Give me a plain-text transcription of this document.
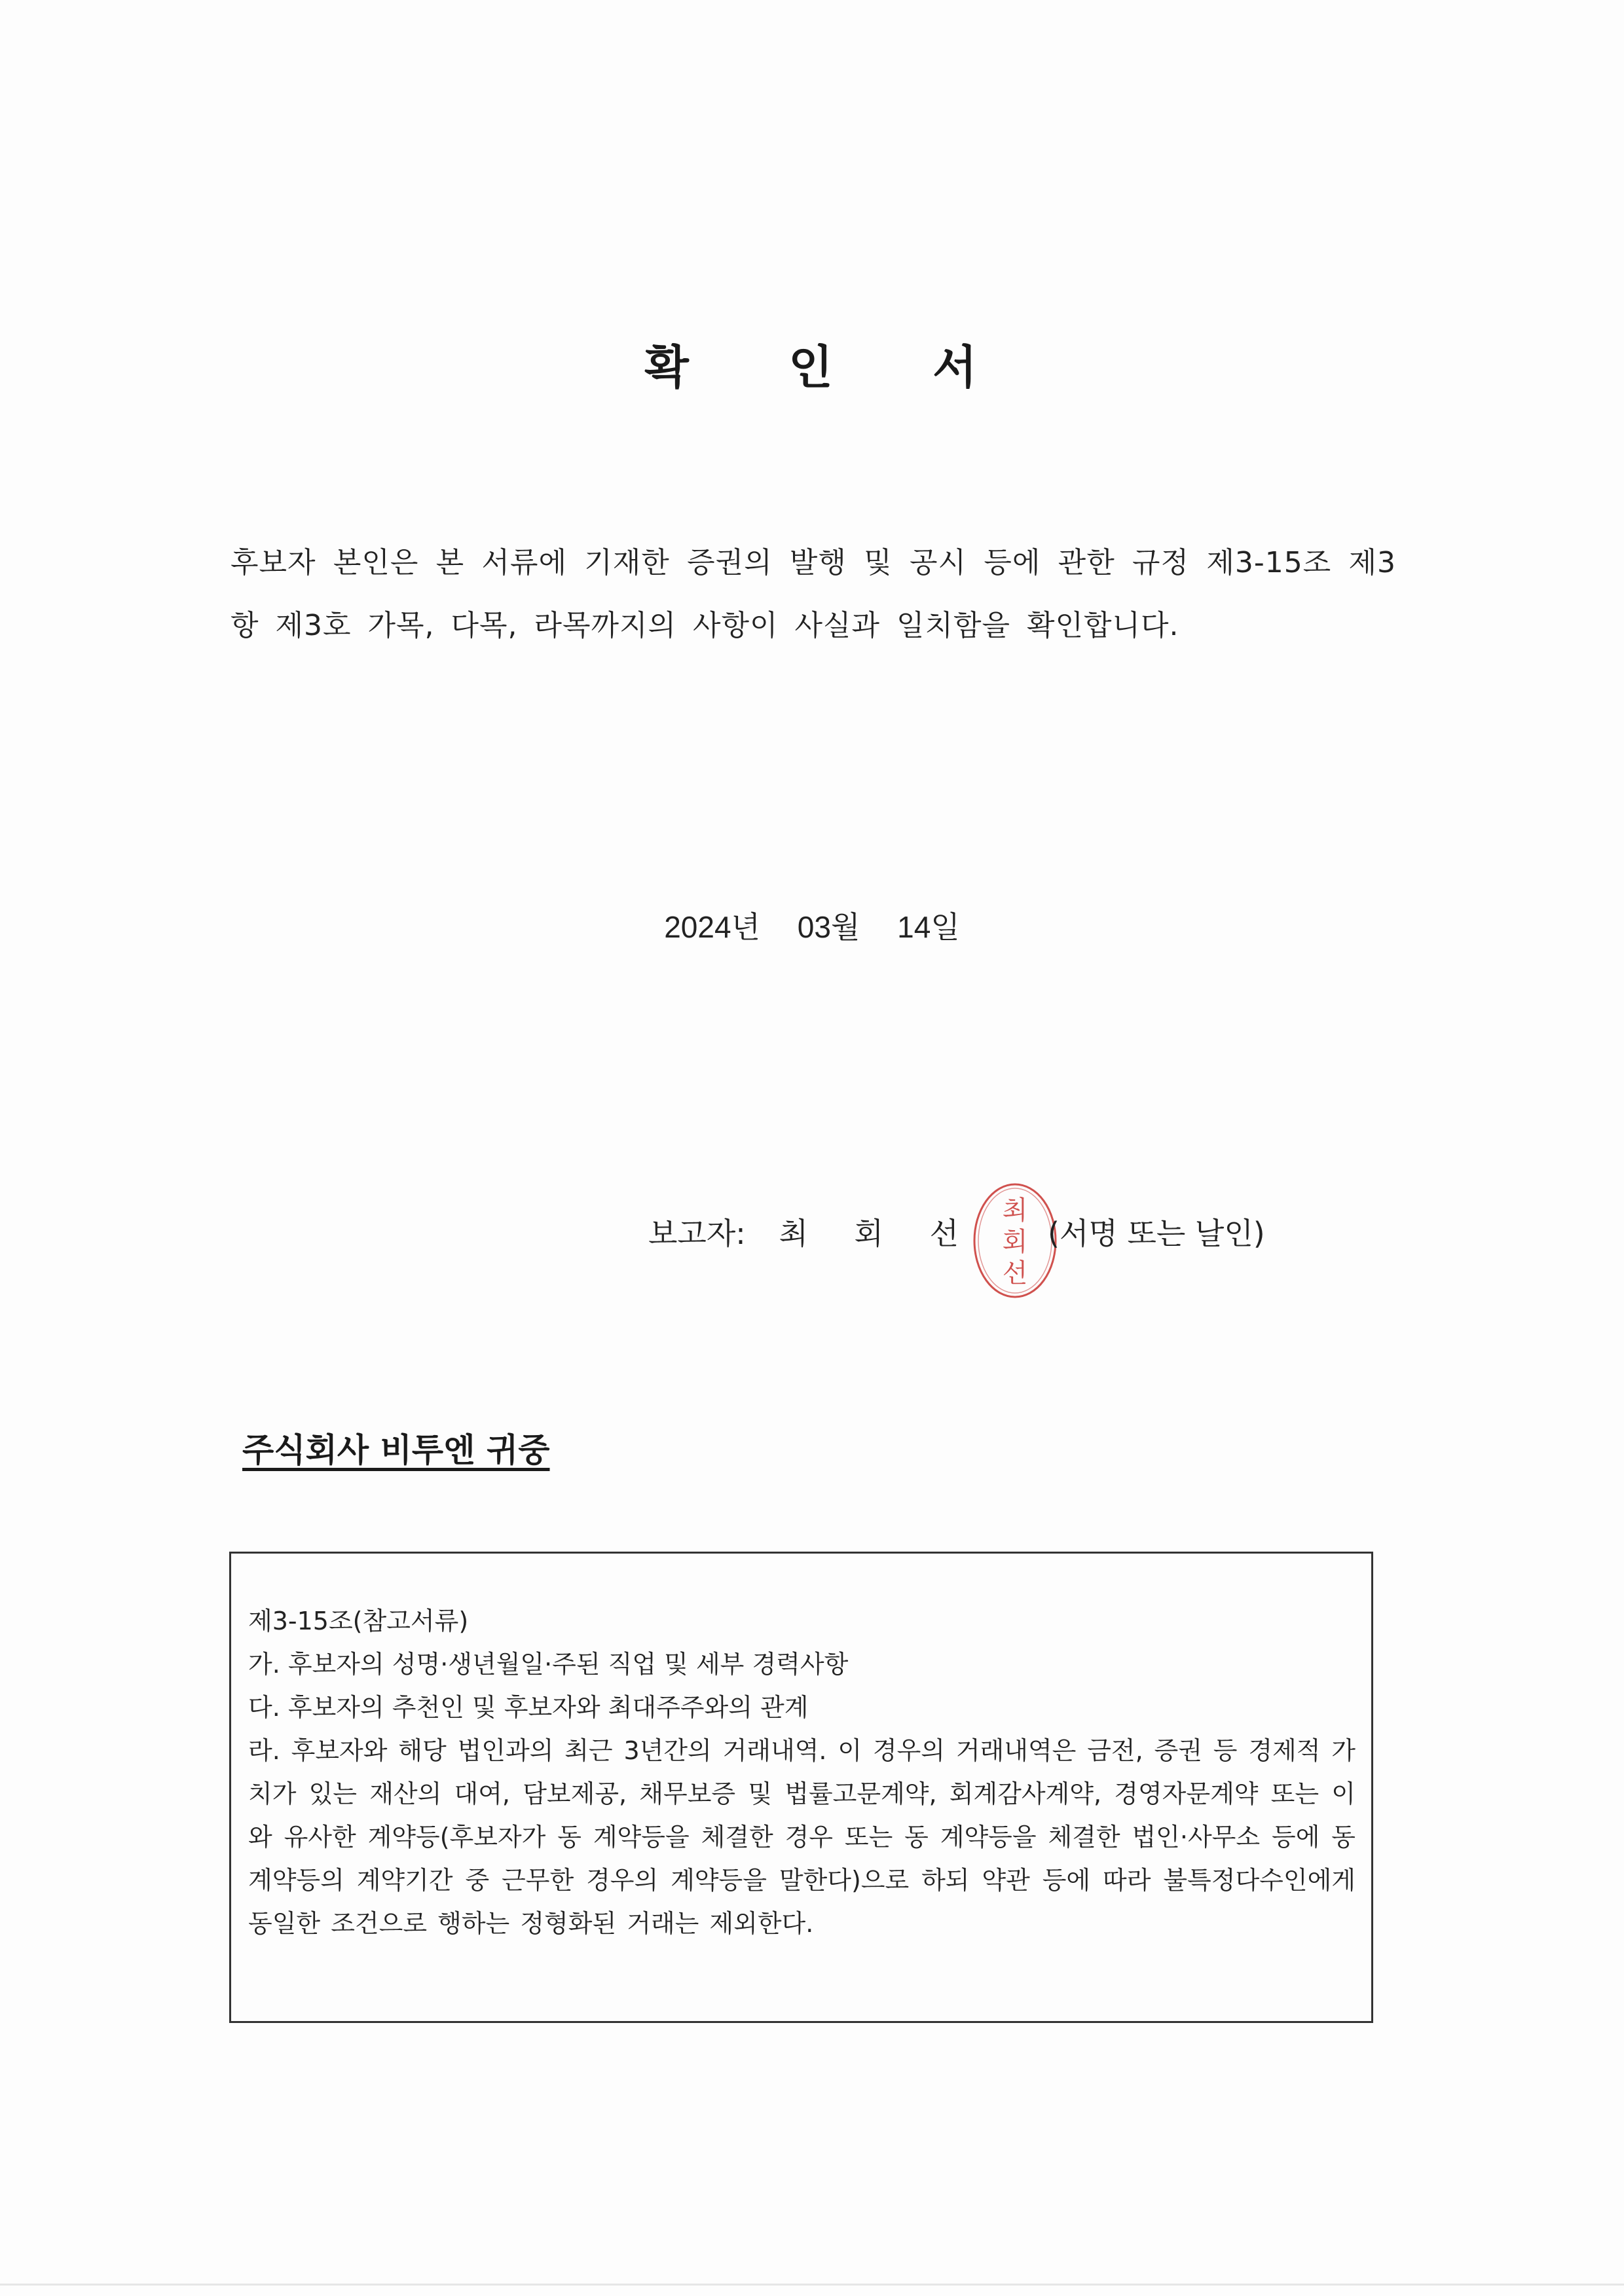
확 인 서
후보자 본인은 본 서류에 기재한 증권의 발행 및 공시 등에 관한 규정 제3-15조 제3항 제3호 가목, 다목, 라목까지의 사항이 사실과 일치함을 확인합니다.
2024년 03월 14일
보고자: 최 회 선
최
회
선
(서명 또는 날인)
주식회사 비투엔 귀중
제3-15조(참고서류)
가. 후보자의 성명·생년월일·주된 직업 및 세부 경력사항
다. 후보자의 추천인 및 후보자와 최대주주와의 관계
라. 후보자와 해당 법인과의 최근 3년간의 거래내역. 이 경우의 거래내역은 금전, 증권 등 경제적 가치가 있는 재산의 대여, 담보제공, 채무보증 및 법률고문계약, 회계감사계약, 경영자문계약 또는 이와 유사한 계약등(후보자가 동 계약등을 체결한 경우 또는 동 계약등을 체결한 법인·사무소 등에 동 계약등의 계약기간 중 근무한 경우의 계약등을 말한다)으로 하되 약관 등에 따라 불특정다수인에게 동일한 조건으로 행하는 정형화된 거래는 제외한다.
